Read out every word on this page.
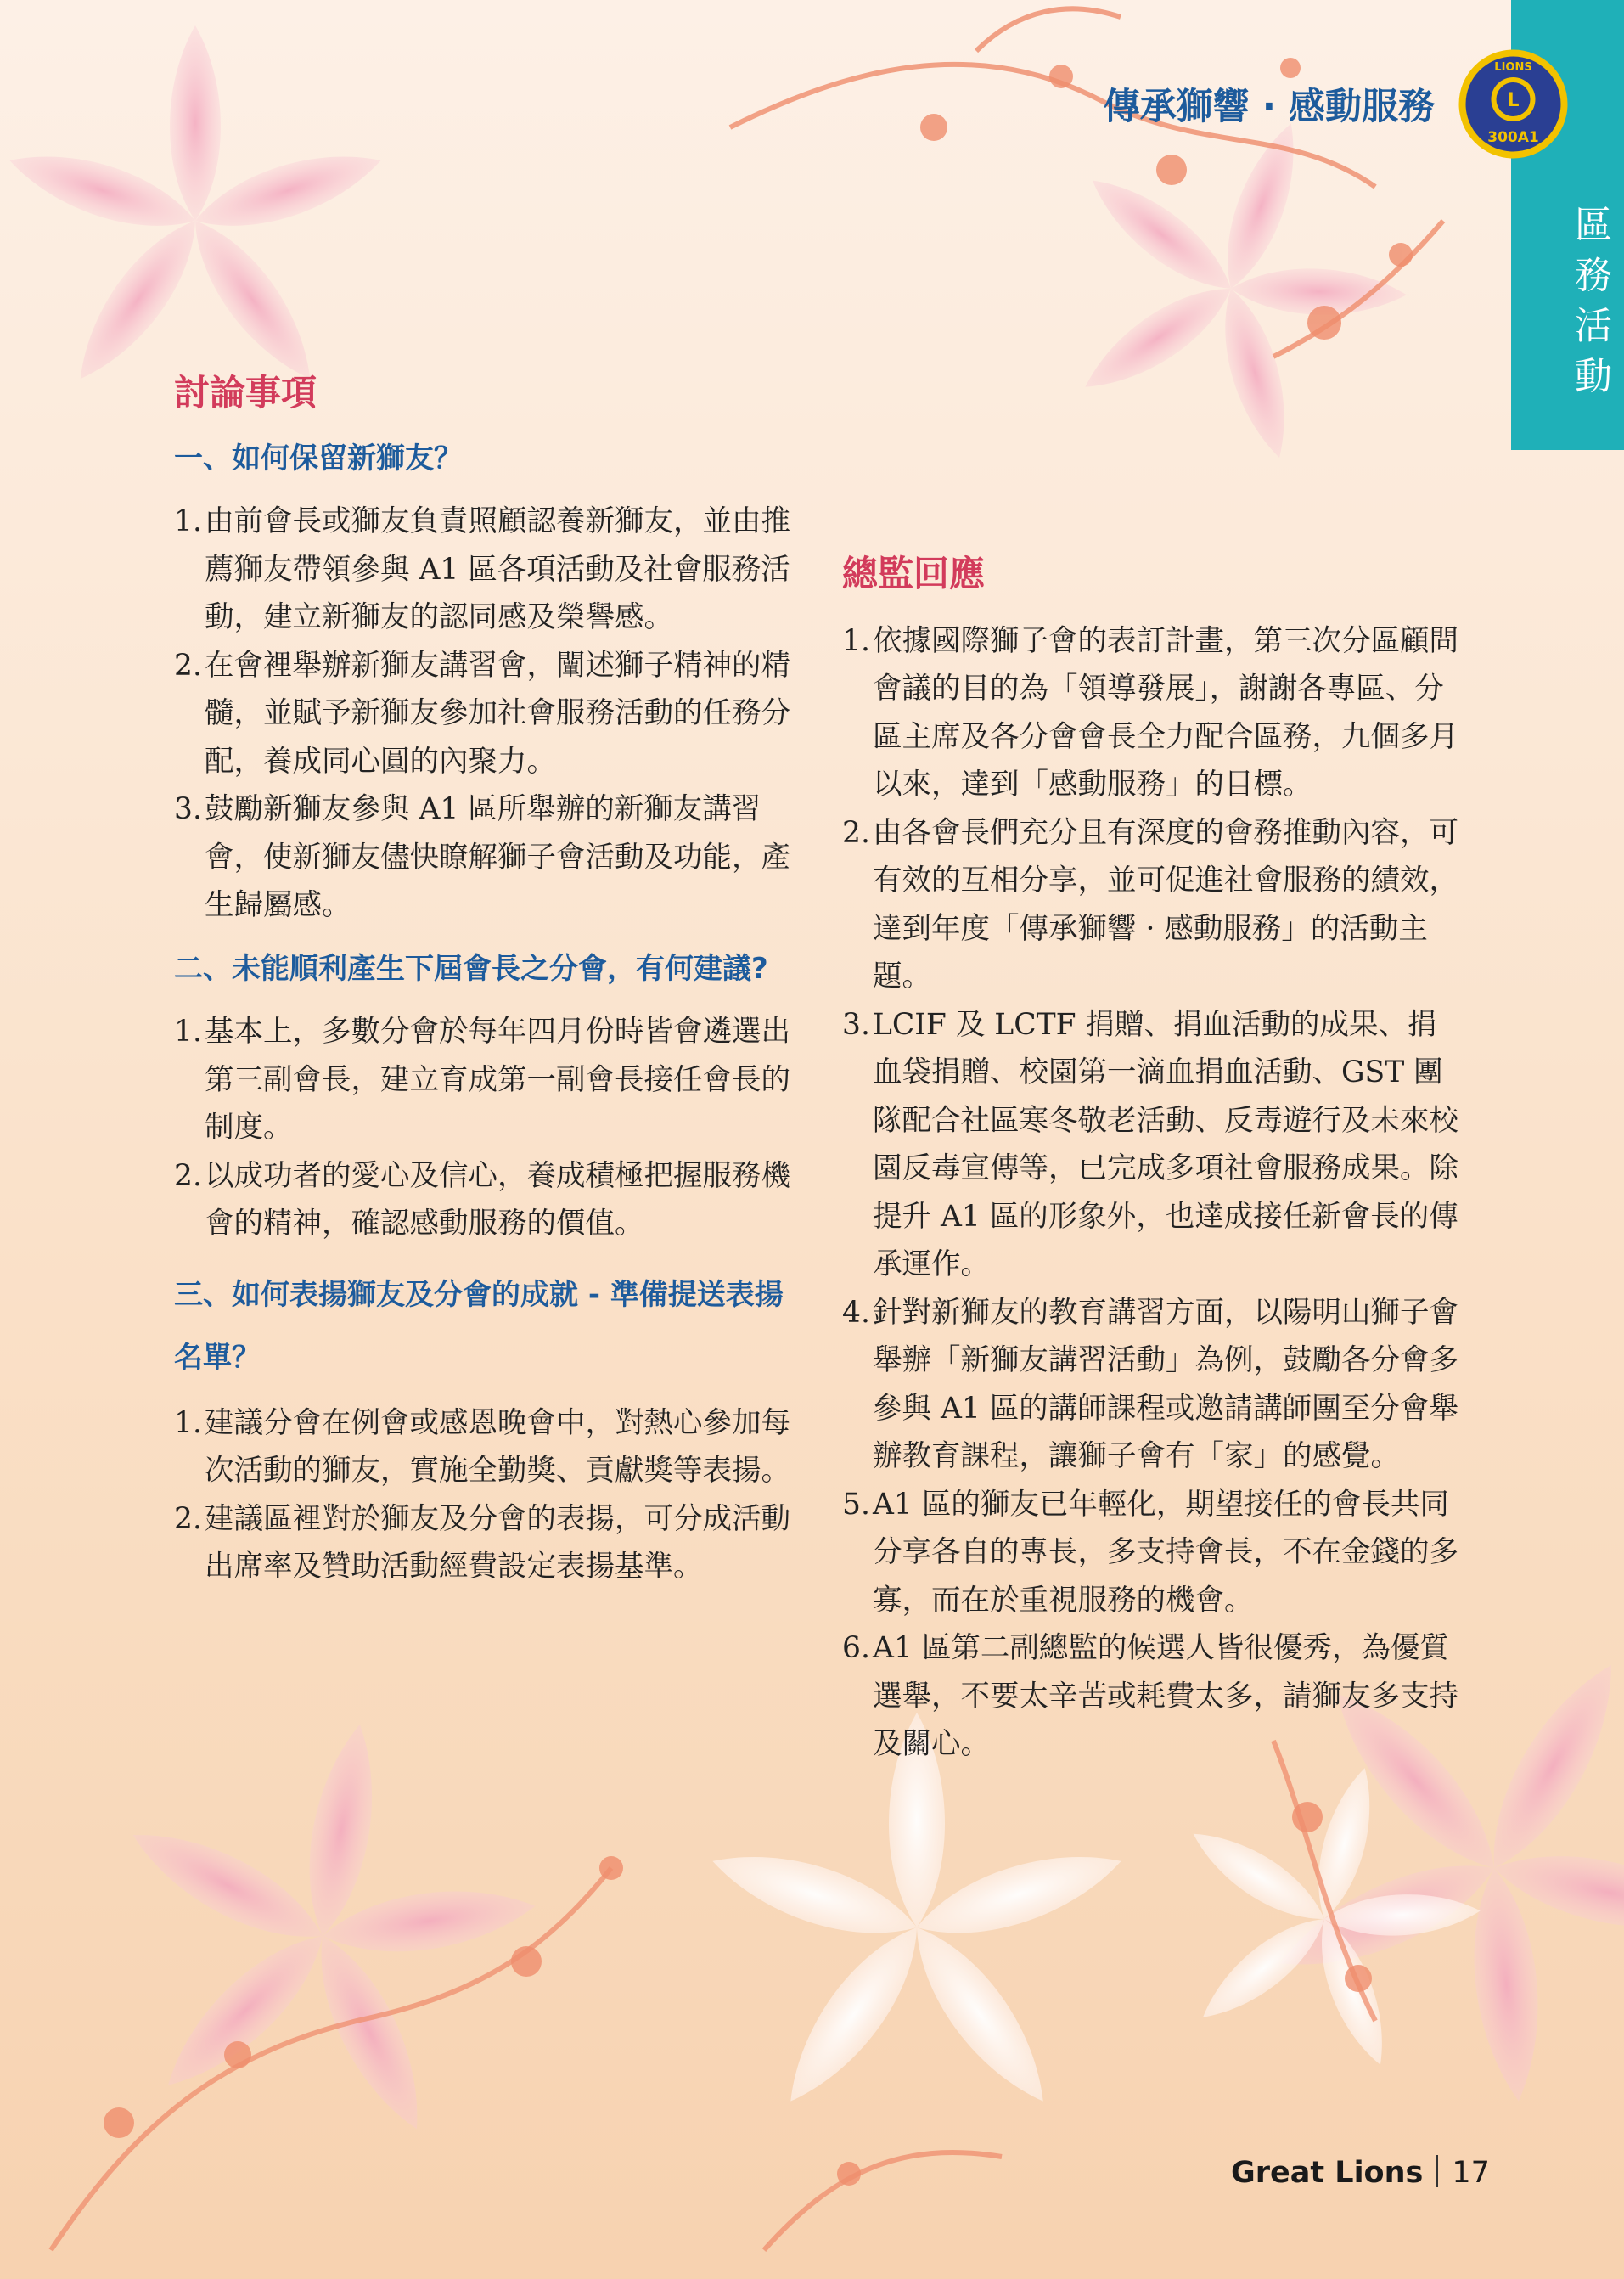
區務活動
L
LIONS
300A1
傳承獅響 · 感動服務
討論事項
一、如何保留新獅友？
1. 由前會長或獅友負責照顧認養新獅友，並由推薦獅友帶領參與 A1 區各項活動及社會服務活動，建立新獅友的認同感及榮譽感。
2. 在會裡舉辦新獅友講習會，闡述獅子精神的精髓，並賦予新獅友參加社會服務活動的任務分配，養成同心圓的內聚力。
3. 鼓勵新獅友參與 A1 區所舉辦的新獅友講習會，使新獅友儘快瞭解獅子會活動及功能，產生歸屬感。
二、未能順利產生下屆會長之分會，有何建議?
1. 基本上，多數分會於每年四月份時皆會遴選出第三副會長，建立育成第一副會長接任會長的制度。
2. 以成功者的愛心及信心，養成積極把握服務機會的精神，確認感動服務的價值。
三、如何表揚獅友及分會的成就 - 準備提送表揚名單？
1. 建議分會在例會或感恩晚會中，對熱心參加每次活動的獅友，實施全勤獎、貢獻獎等表揚。
2. 建議區裡對於獅友及分會的表揚，可分成活動出席率及贊助活動經費設定表揚基準。
總監回應
1. 依據國際獅子會的表訂計畫，第三次分區顧問會議的目的為「領導發展」，謝謝各專區、分區主席及各分會會長全力配合區務，九個多月以來，達到「感動服務」的目標。
2. 由各會長們充分且有深度的會務推動內容，可有效的互相分享，並可促進社會服務的績效，達到年度「傳承獅響 · 感動服務」的活動主題。
3. LCIF 及 LCTF 捐贈、捐血活動的成果、捐血袋捐贈、校園第一滴血捐血活動、GST 團隊配合社區寒冬敬老活動、反毒遊行及未來校園反毒宣傳等，已完成多項社會服務成果。除提升 A1 區的形象外，也達成接任新會長的傳承運作。
4. 針對新獅友的教育講習方面，以陽明山獅子會舉辦「新獅友講習活動」為例，鼓勵各分會多參與 A1 區的講師課程或邀請講師團至分會舉辦教育課程，讓獅子會有「家」的感覺。
5. A1 區的獅友已年輕化，期望接任的會長共同分享各自的專長，多支持會長，不在金錢的多寡，而在於重視服務的機會。
6. A1 區第二副總監的候選人皆很優秀，為優質選舉，不要太辛苦或耗費太多，請獅友多支持及關心。
Great Lions 17
